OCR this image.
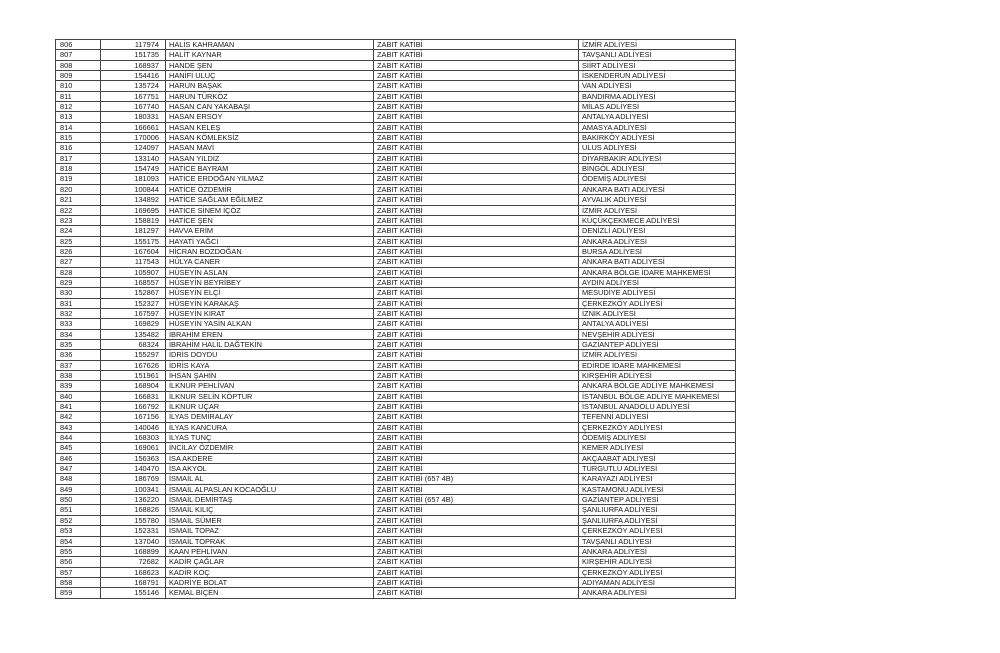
806	117974	HALİS KAHRAMAN	ZABIT KATİBİ	İZMİR ADLİYESİ
807	151735	HALİT KAYNAR	ZABIT KATİBİ	TAVŞANLI ADLİYESİ
808	168937	HANDE ŞEN	ZABIT KATİBİ	SİİRT ADLİYESİ
809	154416	HANİFİ ULUÇ	ZABIT KATİBİ	İSKENDERUN ADLİYESİ
810	135724	HARUN BAŞAK	ZABIT KATİBİ	VAN ADLİYESİ
811	167751	HARUN TÜRKÖZ	ZABIT KATİBİ	BANDIRMA ADLİYESİ
812	167740	HASAN CAN YAKABAŞI	ZABIT KATİBİ	MİLAS ADLİYESİ
813	180331	HASAN ERSOY	ZABIT KATİBİ	ANTALYA ADLİYESİ
814	166661	HASAN KELEŞ	ZABIT KATİBİ	AMASYA ADLİYESİ
815	170006	HASAN KÖMLEKSİZ	ZABIT KATİBİ	BAKIRKÖY ADLİYESİ
816	124097	HASAN MAVİ	ZABIT KATİBİ	ULUS ADLİYESİ
817	133140	HASAN YILDIZ	ZABIT KATİBİ	DİYARBAKIR ADLİYESİ
818	154749	HATİCE BAYRAM	ZABIT KATİBİ	BİNGÖL ADLİYESİ
819	181093	HATİCE ERDOĞAN YILMAZ	ZABIT KATİBİ	ÖDEMİŞ ADLİYESİ
820	100844	HATİCE ÖZDEMİR	ZABIT KATİBİ	ANKARA BATI ADLİYESİ
821	134892	HATİCE SAĞLAM EĞİLMEZ	ZABIT KATİBİ	AYVALIK ADLİYESİ
822	169695	HATİCE SİNEM İÇÖZ	ZABIT KATİBİ	İZMİR ADLİYESİ
823	158819	HATİCE ŞEN	ZABIT KATİBİ	KÜÇÜKÇEKMECE ADLİYESİ
824	181297	HAVVA ERİM	ZABIT KATİBİ	DENİZLİ ADLİYESİ
825	155175	HAYATİ YAĞCI	ZABIT KATİBİ	ANKARA ADLİYESİ
826	167604	HİCRAN BOZDOĞAN	ZABIT KATİBİ	BURSA ADLİYESİ
827	117543	HÜLYA CANER	ZABIT KATİBİ	ANKARA BATI ADLİYESİ
828	105907	HÜSEYİN ASLAN	ZABIT KATİBİ	ANKARA BÖLGE İDARE MAHKEMESİ
829	168557	HÜSEYİN BEYRİBEY	ZABIT KATİBİ	AYDIN ADLİYESİ
830	152867	HÜSEYİN ELÇİ	ZABIT KATİBİ	MESUDİYE ADLİYESİ
831	152327	HÜSEYİN KARAKAŞ	ZABIT KATİBİ	ÇERKEZKÖY ADLİYESİ
832	167597	HÜSEYİN KIRAT	ZABIT KATİBİ	İZNİK ADLİYESİ
833	169829	HÜSEYİN YASİN ALKAN	ZABIT KATİBİ	ANTALYA ADLİYESİ
834	135482	İBRAHİM EREN	ZABIT KATİBİ	NEVŞEHİR ADLİYESİ
835	68324	İBRAHİM HALİL DAĞTEKİN	ZABIT KATİBİ	GAZİANTEP ADLİYESİ
836	155297	İDRİS DOYDU	ZABIT KATİBİ	İZMİR ADLİYESİ
837	167626	İDRİS KAYA	ZABIT KATİBİ	EDİRDE İDARE MAHKEMESİ
838	151961	İHSAN ŞAHİN	ZABIT KATİBİ	KIRŞEHİR ADLİYESİ
839	168904	İLKNUR PEHLİVAN	ZABIT KATİBİ	ANKARA BÖLGE ADLİYE MAHKEMESİ
840	166831	İLKNUR SELİN KÖPTUR	ZABIT KATİBİ	İSTANBUL BÖLGE ADLİYE MAHKEMESİ
841	166792	İLKNUR UÇAR	ZABIT KATİBİ	İSTANBUL ANADOLU ADLİYESİ
842	167156	İLYAS DEMİRALAY	ZABIT KATİBİ	TEFENNİ ADLİYESİ
843	140046	İLYAS KANCURA	ZABIT KATİBİ	ÇERKEZKÖY ADLİYESİ
844	168303	İLYAS TUNÇ	ZABIT KATİBİ	ÖDEMİŞ ADLİYESİ
845	169061	İNCİLAY ÖZDEMİR	ZABIT KATİBİ	KEMER ADLİYESİ
846	156363	İSA AKDERE	ZABIT KATİBİ	AKÇAABAT ADLİYESİ
847	140470	İSA AKYOL	ZABIT KATİBİ	TURGUTLU ADLİYESİ
848	186769	İSMAİL AL	ZABIT KATİBİ (657 4B)	KARAYAZI ADLİYESİ
849	100341	İSMAİL ALPASLAN KOCAOĞLU	ZABIT KATİBİ	KASTAMONU ADLİYESİ
850	136220	İSMAİL DEMİRTAŞ	ZABIT KATİBİ (657 4B)	GAZİANTEP ADLİYESİ
851	168826	İSMAİL KILIÇ	ZABIT KATİBİ	ŞANLIURFA ADLİYESİ
852	155780	İSMAİL SÜMER	ZABIT KATİBİ	ŞANLIURFA ADLİYESİ
853	152331	İSMAİL TOPAZ	ZABIT KATİBİ	ÇERKEZKÖY ADLİYESİ
854	137040	İSMAİL TOPRAK	ZABIT KATİBİ	TAVŞANLI ADLİYESİ
855	168899	KAAN PEHLİVAN	ZABIT KATİBİ	ANKARA ADLİYESİ
856	72682	KADİR ÇAĞLAR	ZABIT KATİBİ	KIRŞEHİR ADLİYESİ
857	168623	KADİR KOÇ	ZABIT KATİBİ	ÇERKEZKÖY ADLİYESİ
858	168791	KADRİYE BOLAT	ZABIT KATİBİ	ADIYAMAN ADLİYESİ
859	155146	KEMAL BİÇEN	ZABIT KATİBİ	ANKARA ADLİYESİ
